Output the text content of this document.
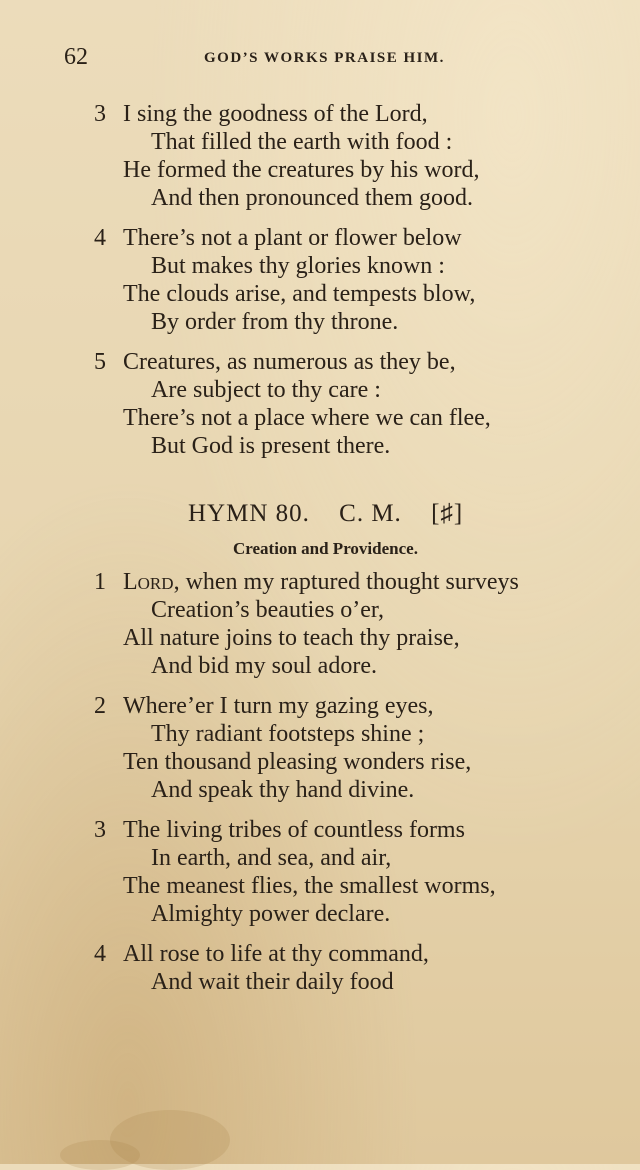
62	GOD’S WORKS PRAISE HIM.
3 I sing the goodness of the Lord,
That filled the earth with food :
He formed the creatures by his word,
And then pronounced them good.
4 There’s not a plant or flower below
But makes thy glories known :
The clouds arise, and tempests blow,
By order from thy throne.
5 Creatures, as numerous as they be,
Are subject to thy care :
There’s not a place where we can flee,
But God is present there.
HYMN 80. C. M. [♯]
Creation and Providence.
1 Lord, when my raptured thought surveys
Creation’s beauties o’er,
All nature joins to teach thy praise,
And bid my soul adore.
2 Where’er I turn my gazing eyes,
Thy radiant footsteps shine ;
Ten thousand pleasing wonders rise,
And speak thy hand divine.
3 The living tribes of countless forms
In earth, and sea, and air,
The meanest flies, the smallest worms,
Almighty power declare.
4 All rose to life at thy command,
And wait their daily food
